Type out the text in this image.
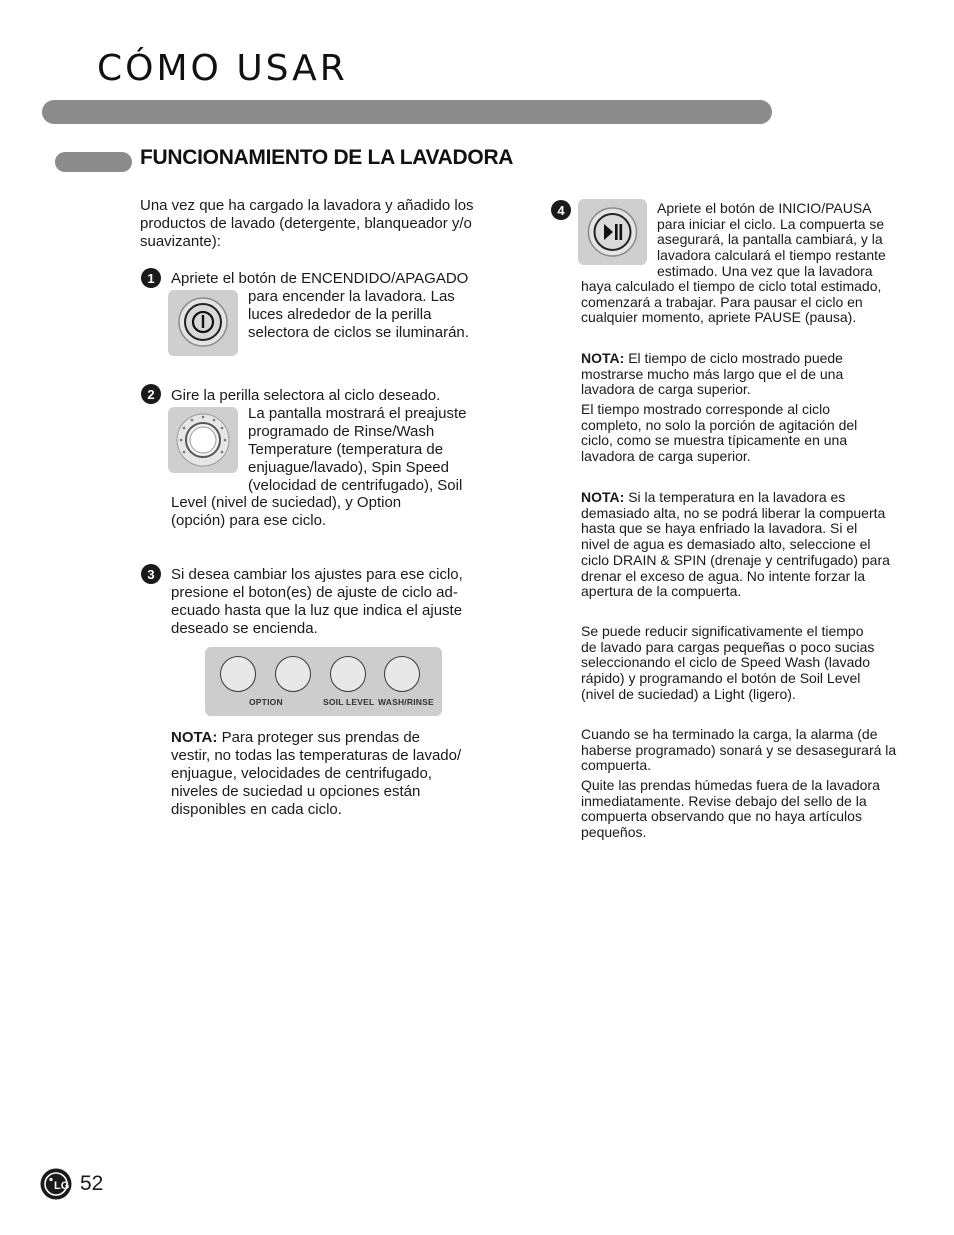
CÓMO USAR
FUNCIONAMIENTO DE LA LAVADORA

Una vez que ha cargado la lavadora y añadido los productos de lavado (detergente, blanqueador y/o suavizante):

1	Apriete el botón de ENCENDIDO/APAGADO
para encender la lavadora. Las
luces alrededor de la perilla
selectora de ciclos se iluminarán.
2	Gire la perilla selectora al ciclo deseado.
La pantalla mostrará el preajuste
programado de Rinse/Wash
Temperature (temperatura de
enjuague/lavado), Spin Speed
(velocidad de centrifugado), Soil
Level (nivel de suciedad), y Option
(opción) para ese ciclo.
3	Si desea cambiar los ajustes para ese ciclo,
presione el boton(es) de ajuste de ciclo ad-
ecuado hasta que la luz que indica el ajuste
deseado se encienda.
OPTION	SOIL LEVEL WASH/RINSE
NOTA: Para proteger sus prendas de
vestir, no todas las temperaturas de lavado/
enjuague, velocidades de centrifugado,
niveles de suciedad u opciones están
disponibles en cada ciclo.
4	Apriete el botón de INICIO/PAUSA
para iniciar el ciclo. La compuerta se
asegurará, la pantalla cambiará, y la
lavadora calculará el tiempo restante
estimado. Una vez que la lavadora
haya calculado el tiempo de ciclo total estimado,
comenzará a trabajar. Para pausar el ciclo en
cualquier momento, apriete PAUSE (pausa).
NOTA: El tiempo de ciclo mostrado puede
mostrarse mucho más largo que el de una
lavadora de carga superior.
El tiempo mostrado corresponde al ciclo
completo, no solo la porción de agitación del
ciclo, como se muestra típicamente en una
lavadora de carga superior.
NOTA: Si la temperatura en la lavadora es
demasiado alta, no se podrá liberar la compuerta
hasta que se haya enfriado la lavadora. Si el
nivel de agua es demasiado alto, seleccione el
ciclo DRAIN & SPIN (drenaje y centrifugado) para
drenar el exceso de agua. No intente forzar la
apertura de la compuerta.
Se puede reducir significativamente el tiempo
de lavado para cargas pequeñas o poco sucias
seleccionando el ciclo de Speed Wash (lavado
rápido) y programando el botón de Soil Level
(nivel de suciedad) a Light (ligero).
Cuando se ha terminado la carga, la alarma (de
haberse programado) sonará y se desasegurará la
compuerta.
Quite las prendas húmedas fuera de la lavadora
inmediatamente. Revise debajo del sello de la
compuerta observando que no haya artículos
pequeños.
LG 52
